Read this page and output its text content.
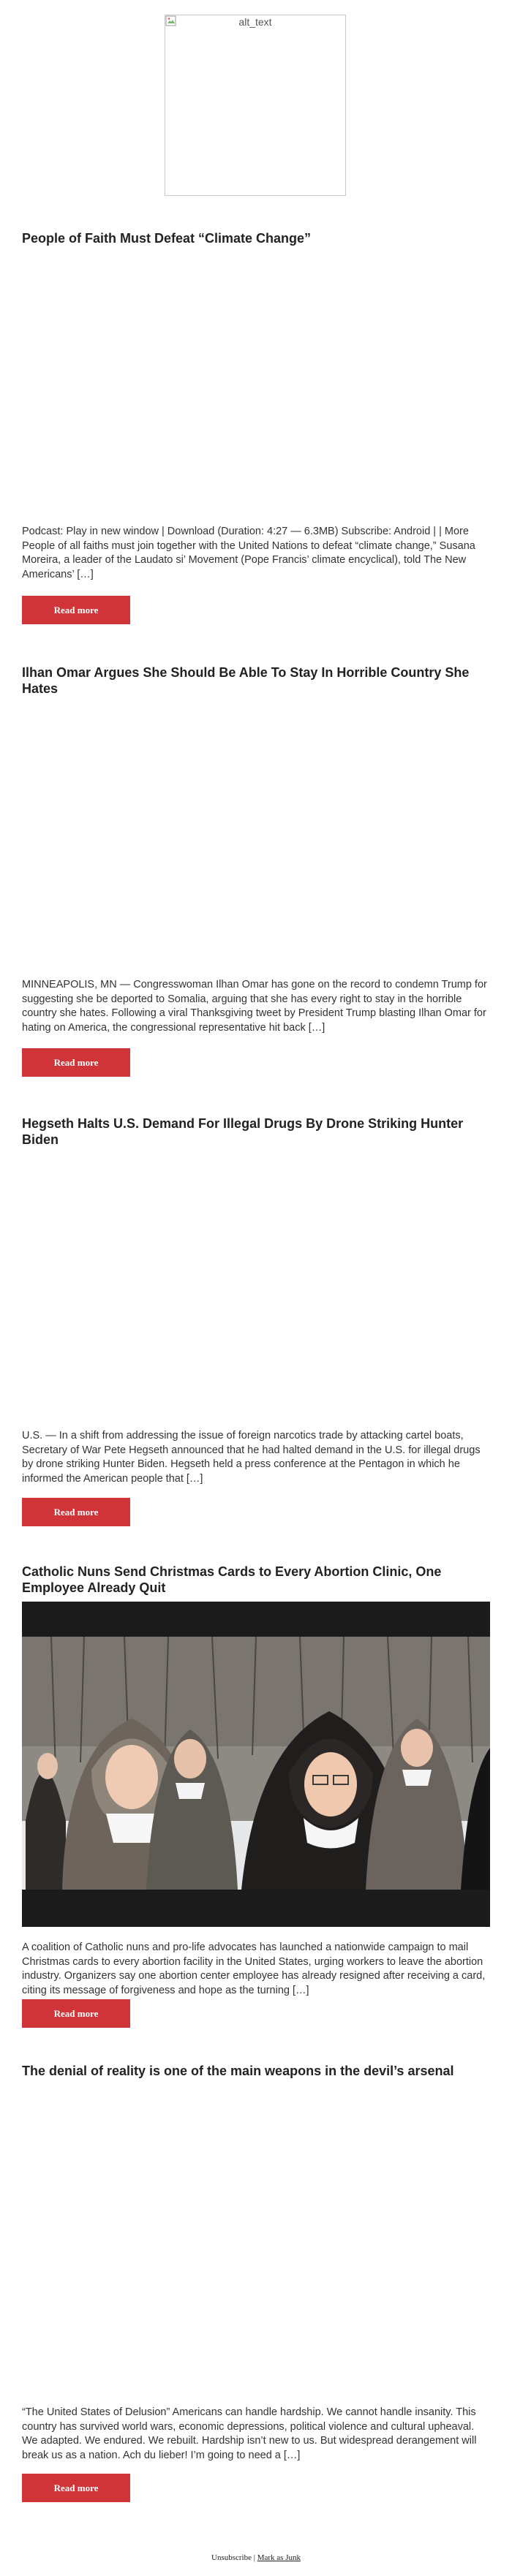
alt_text
People of Faith Must Defeat “Climate Change”

Podcast: Play in new window | Download (Duration: 4:27 — 6.3MB) Subscribe: Android | | More People of all faiths must join together with the United Nations to defeat “climate change,” Susana Moreira, a leader of the Laudato si’ Movement (Pope Francis’ climate encyclical), told The New Americans’ […]

Read more
Ilhan Omar Argues She Should Be Able To Stay In Horrible Country She Hates

MINNEAPOLIS, MN — Congresswoman Ilhan Omar has gone on the record to condemn Trump for suggesting she be deported to Somalia, arguing that she has every right to stay in the horrible country she hates. Following a viral Thanksgiving tweet by President Trump blasting Ilhan Omar for hating on America, the congressional representative hit back […]

Read more
Hegseth Halts U.S. Demand For Illegal Drugs By Drone Striking Hunter Biden

U.S. — In a shift from addressing the issue of foreign narcotics trade by attacking cartel boats, Secretary of War Pete Hegseth announced that he had halted demand in the U.S. for illegal drugs by drone striking Hunter Biden. Hegseth held a press conference at the Pentagon in which he informed the American people that […]

Read more
Catholic Nuns Send Christmas Cards to Every Abortion Clinic, One Employee Already Quit

A coalition of Catholic nuns and pro-life advocates has launched a nationwide campaign to mail Christmas cards to every abortion facility in the United States, urging workers to leave the abortion industry. Organizers say one abortion center employee has already resigned after receiving a card, citing its message of forgiveness and hope as the turning […]

Read more
The denial of reality is one of the main weapons in the devil’s arsenal

“The United States of Delusion” Americans can handle hardship. We cannot handle insanity. This country has survived world wars, economic depressions, political violence and cultural upheaval. We adapted. We endured. We rebuilt. Hardship isn’t new to us. But widespread derangement will break us as a nation. Ach du lieber! I’m going to need a […]

Read more
Unsubscribe | Mark as Junk
